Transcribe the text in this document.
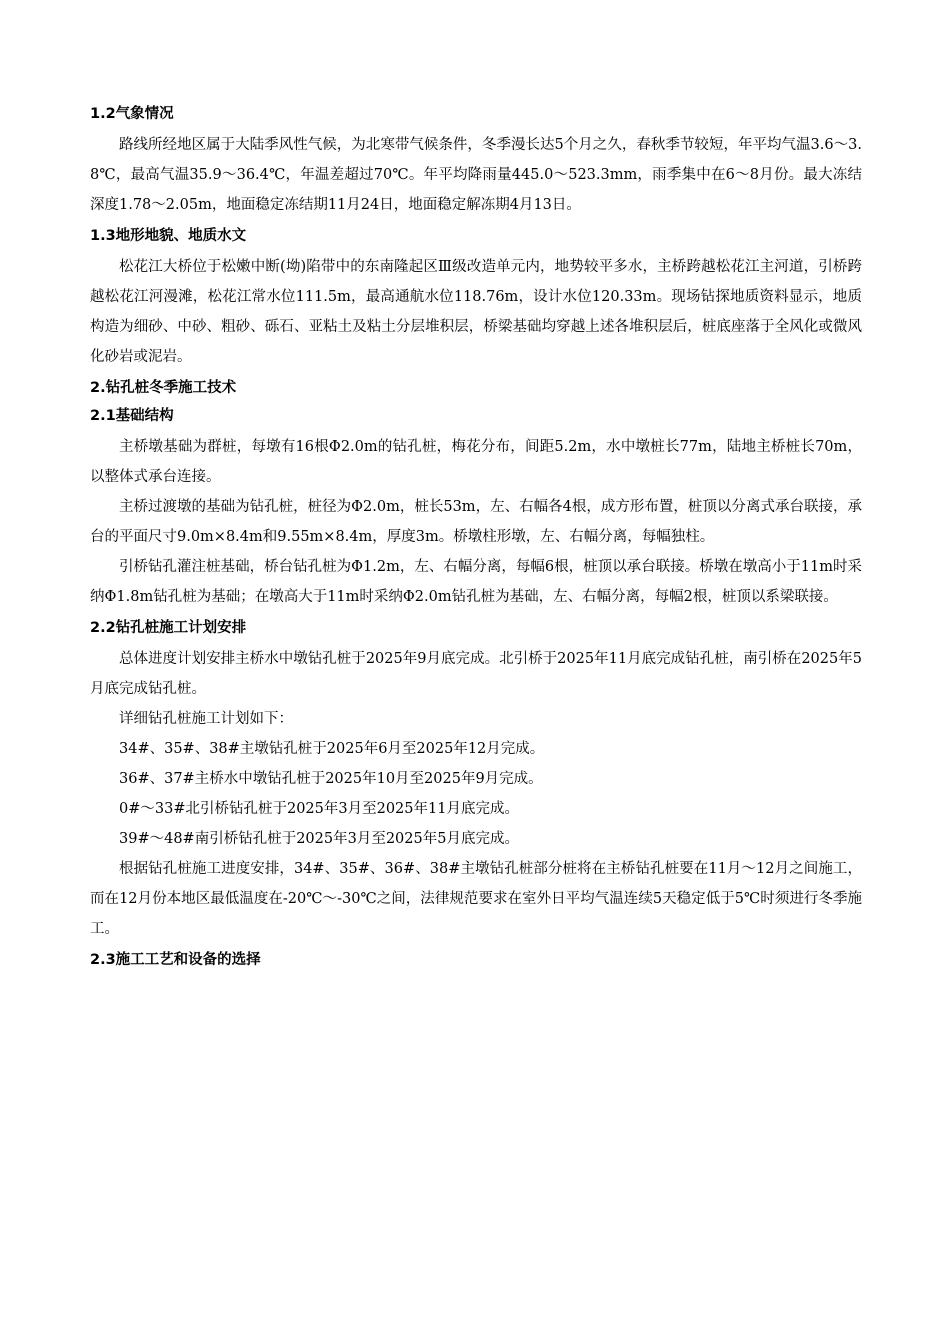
1.2气象情况

路线所经地区属于大陆季风性气候，为北寒带气候条件，冬季漫长达5个月之久，春秋季节较短，年平均气温3.6～3.8℃，最高气温35.9～36.4℃，年温差超过70℃。年平均降雨量445.0～523.3mm，雨季集中在6～8月份。最大冻结深度1.78～2.05m，地面稳定冻结期11月24日，地面稳定解冻期4月13日。

1.3地形地貌、地质水文

松花江大桥位于松嫩中断(坳)陷带中的东南隆起区Ⅲ级改造单元内，地势较平多水，主桥跨越松花江主河道，引桥跨越松花江河漫滩，松花江常水位111.5m，最高通航水位118.76m，设计水位120.33m。现场钻探地质资料显示，地质构造为细砂、中砂、粗砂、砾石、亚粘土及粘土分层堆积层，桥梁基础均穿越上述各堆积层后，桩底座落于全风化或微风化砂岩或泥岩。

2.钻孔桩冬季施工技术
2.1基础结构

主桥墩基础为群桩，每墩有16根Φ2.0m的钻孔桩，梅花分布，间距5.2m，水中墩桩长77m，陆地主桥桩长70m，以整体式承台连接。

主桥过渡墩的基础为钻孔桩，桩径为Φ2.0m，桩长53m，左、右幅各4根，成方形布置，桩顶以分离式承台联接，承台的平面尺寸9.0m×8.4m和9.55m×8.4m，厚度3m。桥墩柱形墩，左、右幅分离，每幅独柱。

引桥钻孔灌注桩基础，桥台钻孔桩为Φ1.2m，左、右幅分离，每幅6根，桩顶以承台联接。桥墩在墩高小于11m时采纳Φ1.8m钻孔桩为基础；在墩高大于11m时采纳Φ2.0m钻孔桩为基础，左、右幅分离，每幅2根，桩顶以系梁联接。

2.2钻孔桩施工计划安排

总体进度计划安排主桥水中墩钻孔桩于2025年9月底完成。北引桥于2025年11月底完成钻孔桩，南引桥在2025年5月底完成钻孔桩。

详细钻孔桩施工计划如下：
34#、35#、38#主墩钻孔桩于2025年6月至2025年12月完成。
36#、37#主桥水中墩钻孔桩于2025年10月至2025年9月完成。
0#～33#北引桥钻孔桩于2025年3月至2025年11月底完成。
39#～48#南引桥钻孔桩于2025年3月至2025年5月底完成。

根据钻孔桩施工进度安排，34#、35#、36#、38#主墩钻孔桩部分桩将在主桥钻孔桩要在11月～12月之间施工，而在12月份本地区最低温度在-20℃～-30℃之间，法律规范要求在室外日平均气温连续5天稳定低于5℃时须进行冬季施工。

2.3施工工艺和设备的选择
